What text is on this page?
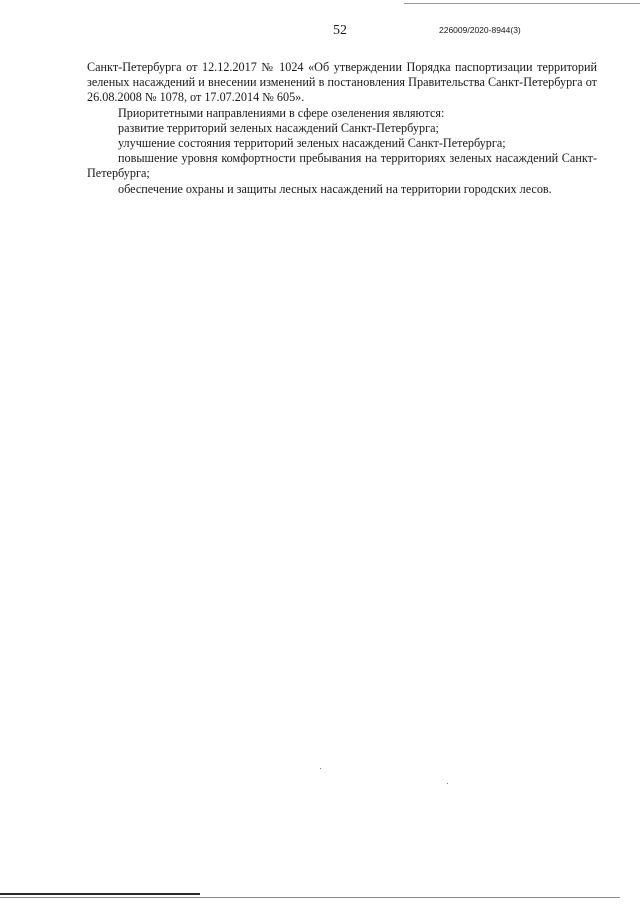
52	226009/2020-8944(3)

Санкт-Петербурга от 12.12.2017 № 1024 «Об утверждении Порядка паспортизации территорий зеленых насаждений и внесении изменений в постановления Правительства Санкт-Петербурга от 26.08.2008 № 1078, от 17.07.2014 № 605».

Приоритетными направлениями в сфере озеленения являются:

развитие территорий зеленых насаждений Санкт-Петербурга;

улучшение состояния территорий зеленых насаждений Санкт-Петербурга;

повышение уровня комфортности пребывания на территориях зеленых насаждений Санкт-Петербурга;

обеспечение охраны и защиты лесных насаждений на территории городских лесов.
